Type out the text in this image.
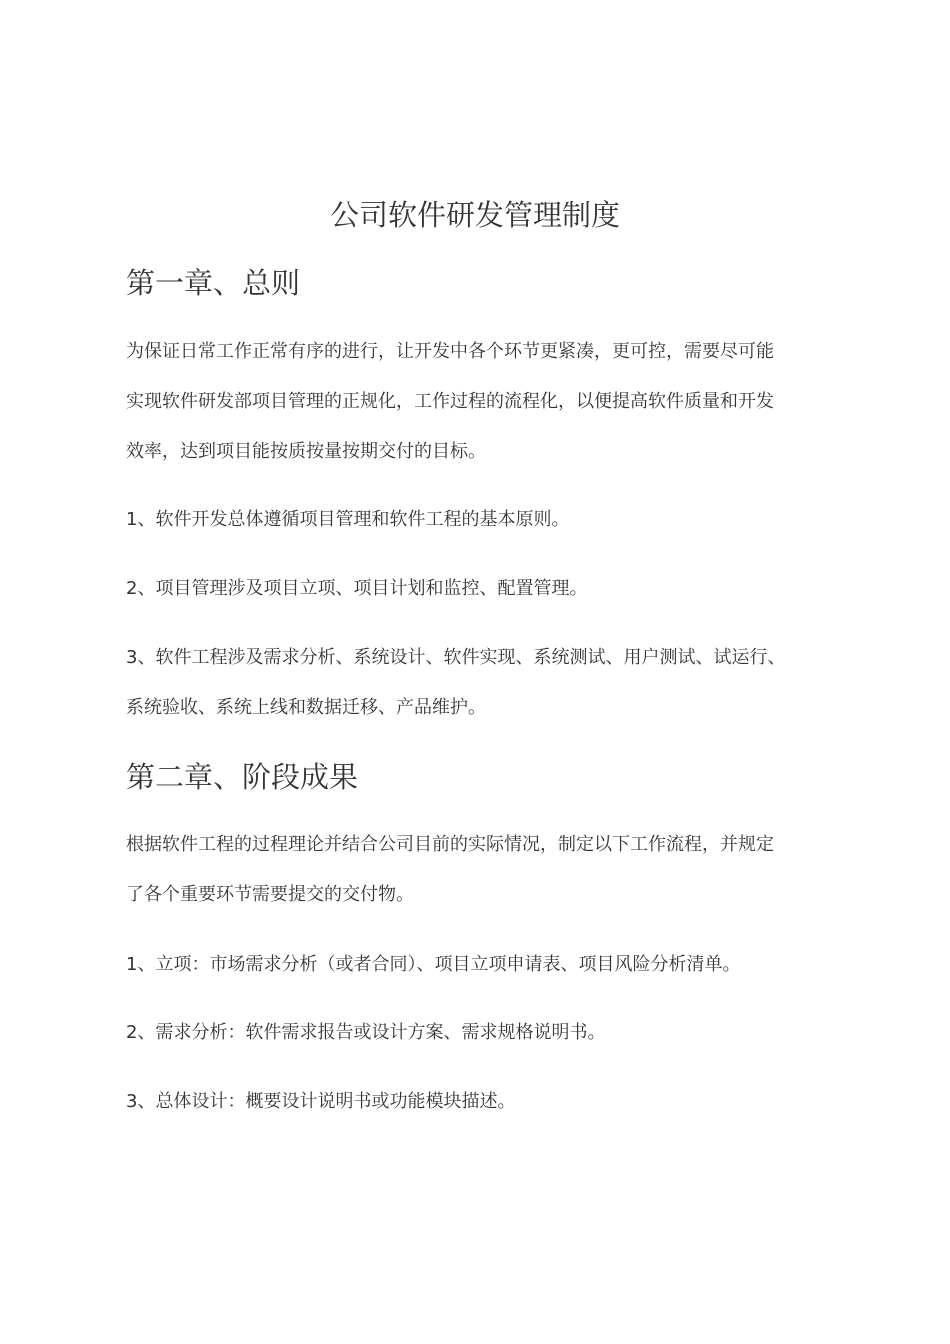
公司软件研发管理制度
第一章、总则

为保证日常工作正常有序的进行，让开发中各个环节更紧凑，更可控，需要尽可能
实现软件研发部项目管理的正规化，工作过程的流程化，以便提高软件质量和开发
效率，达到项目能按质按量按期交付的目标。

1、软件开发总体遵循项目管理和软件工程的基本原则。

2、项目管理涉及项目立项、项目计划和监控、配置管理。

3、软件工程涉及需求分析、系统设计、软件实现、系统测试、用户测试、试运行、
系统验收、系统上线和数据迁移、产品维护。

第二章、阶段成果

根据软件工程的过程理论并结合公司目前的实际情况，制定以下工作流程，并规定
了各个重要环节需要提交的交付物。

1、立项：市场需求分析（或者合同）、项目立项申请表、项目风险分析清单。

2、需求分析：软件需求报告或设计方案、需求规格说明书。

3、总体设计：概要设计说明书或功能模块描述。
